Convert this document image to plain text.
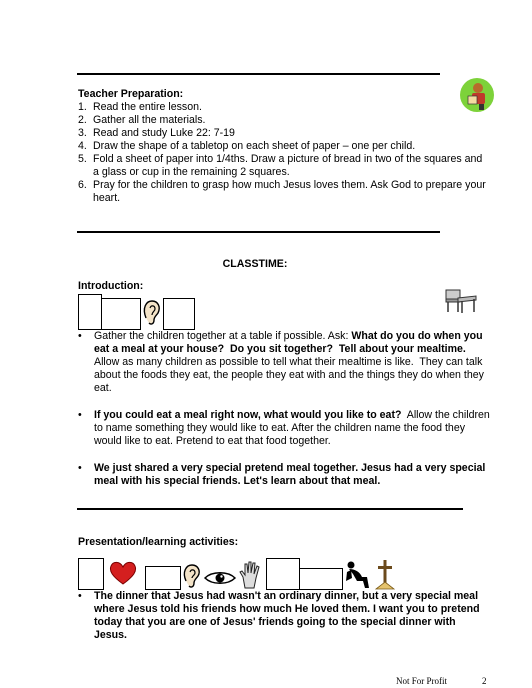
Teacher Preparation:
1. Read the entire lesson.
2. Gather all the materials.
3. Read and study Luke 22: 7-19
4. Draw the shape of a tabletop on each sheet of paper – one per child.
5. Fold a sheet of paper into 1/4ths. Draw a picture of bread in two of the squares and
a glass or cup in the remaining 2 squares.
6. Pray for the children to grasp how much Jesus loves them. Ask God to prepare your
heart.
CLASSTIME:
Introduction:
• Gather the children together at a table if possible. Ask: What do you do when you
eat a meal at your house?  Do you sit together?  Tell about your mealtime.
Allow as many children as possible to tell what their mealtime is like.  They can talk
about the foods they eat, the people they eat with and the things they do when they
eat.
• If you could eat a meal right now, what would you like to eat?  Allow the children
to name something they would like to eat. After the children name the food they
would like to eat. Pretend to eat that food together.
• We just shared a very special pretend meal together. Jesus had a very special
meal with his special friends. Let's learn about that meal.
Presentation/learning activities:
• The dinner that Jesus had wasn't an ordinary dinner, but a very special meal
where Jesus told his friends how much He loved them. I want you to pretend
today that you are one of Jesus' friends going to the special dinner with
Jesus.
Not For Profit	2
